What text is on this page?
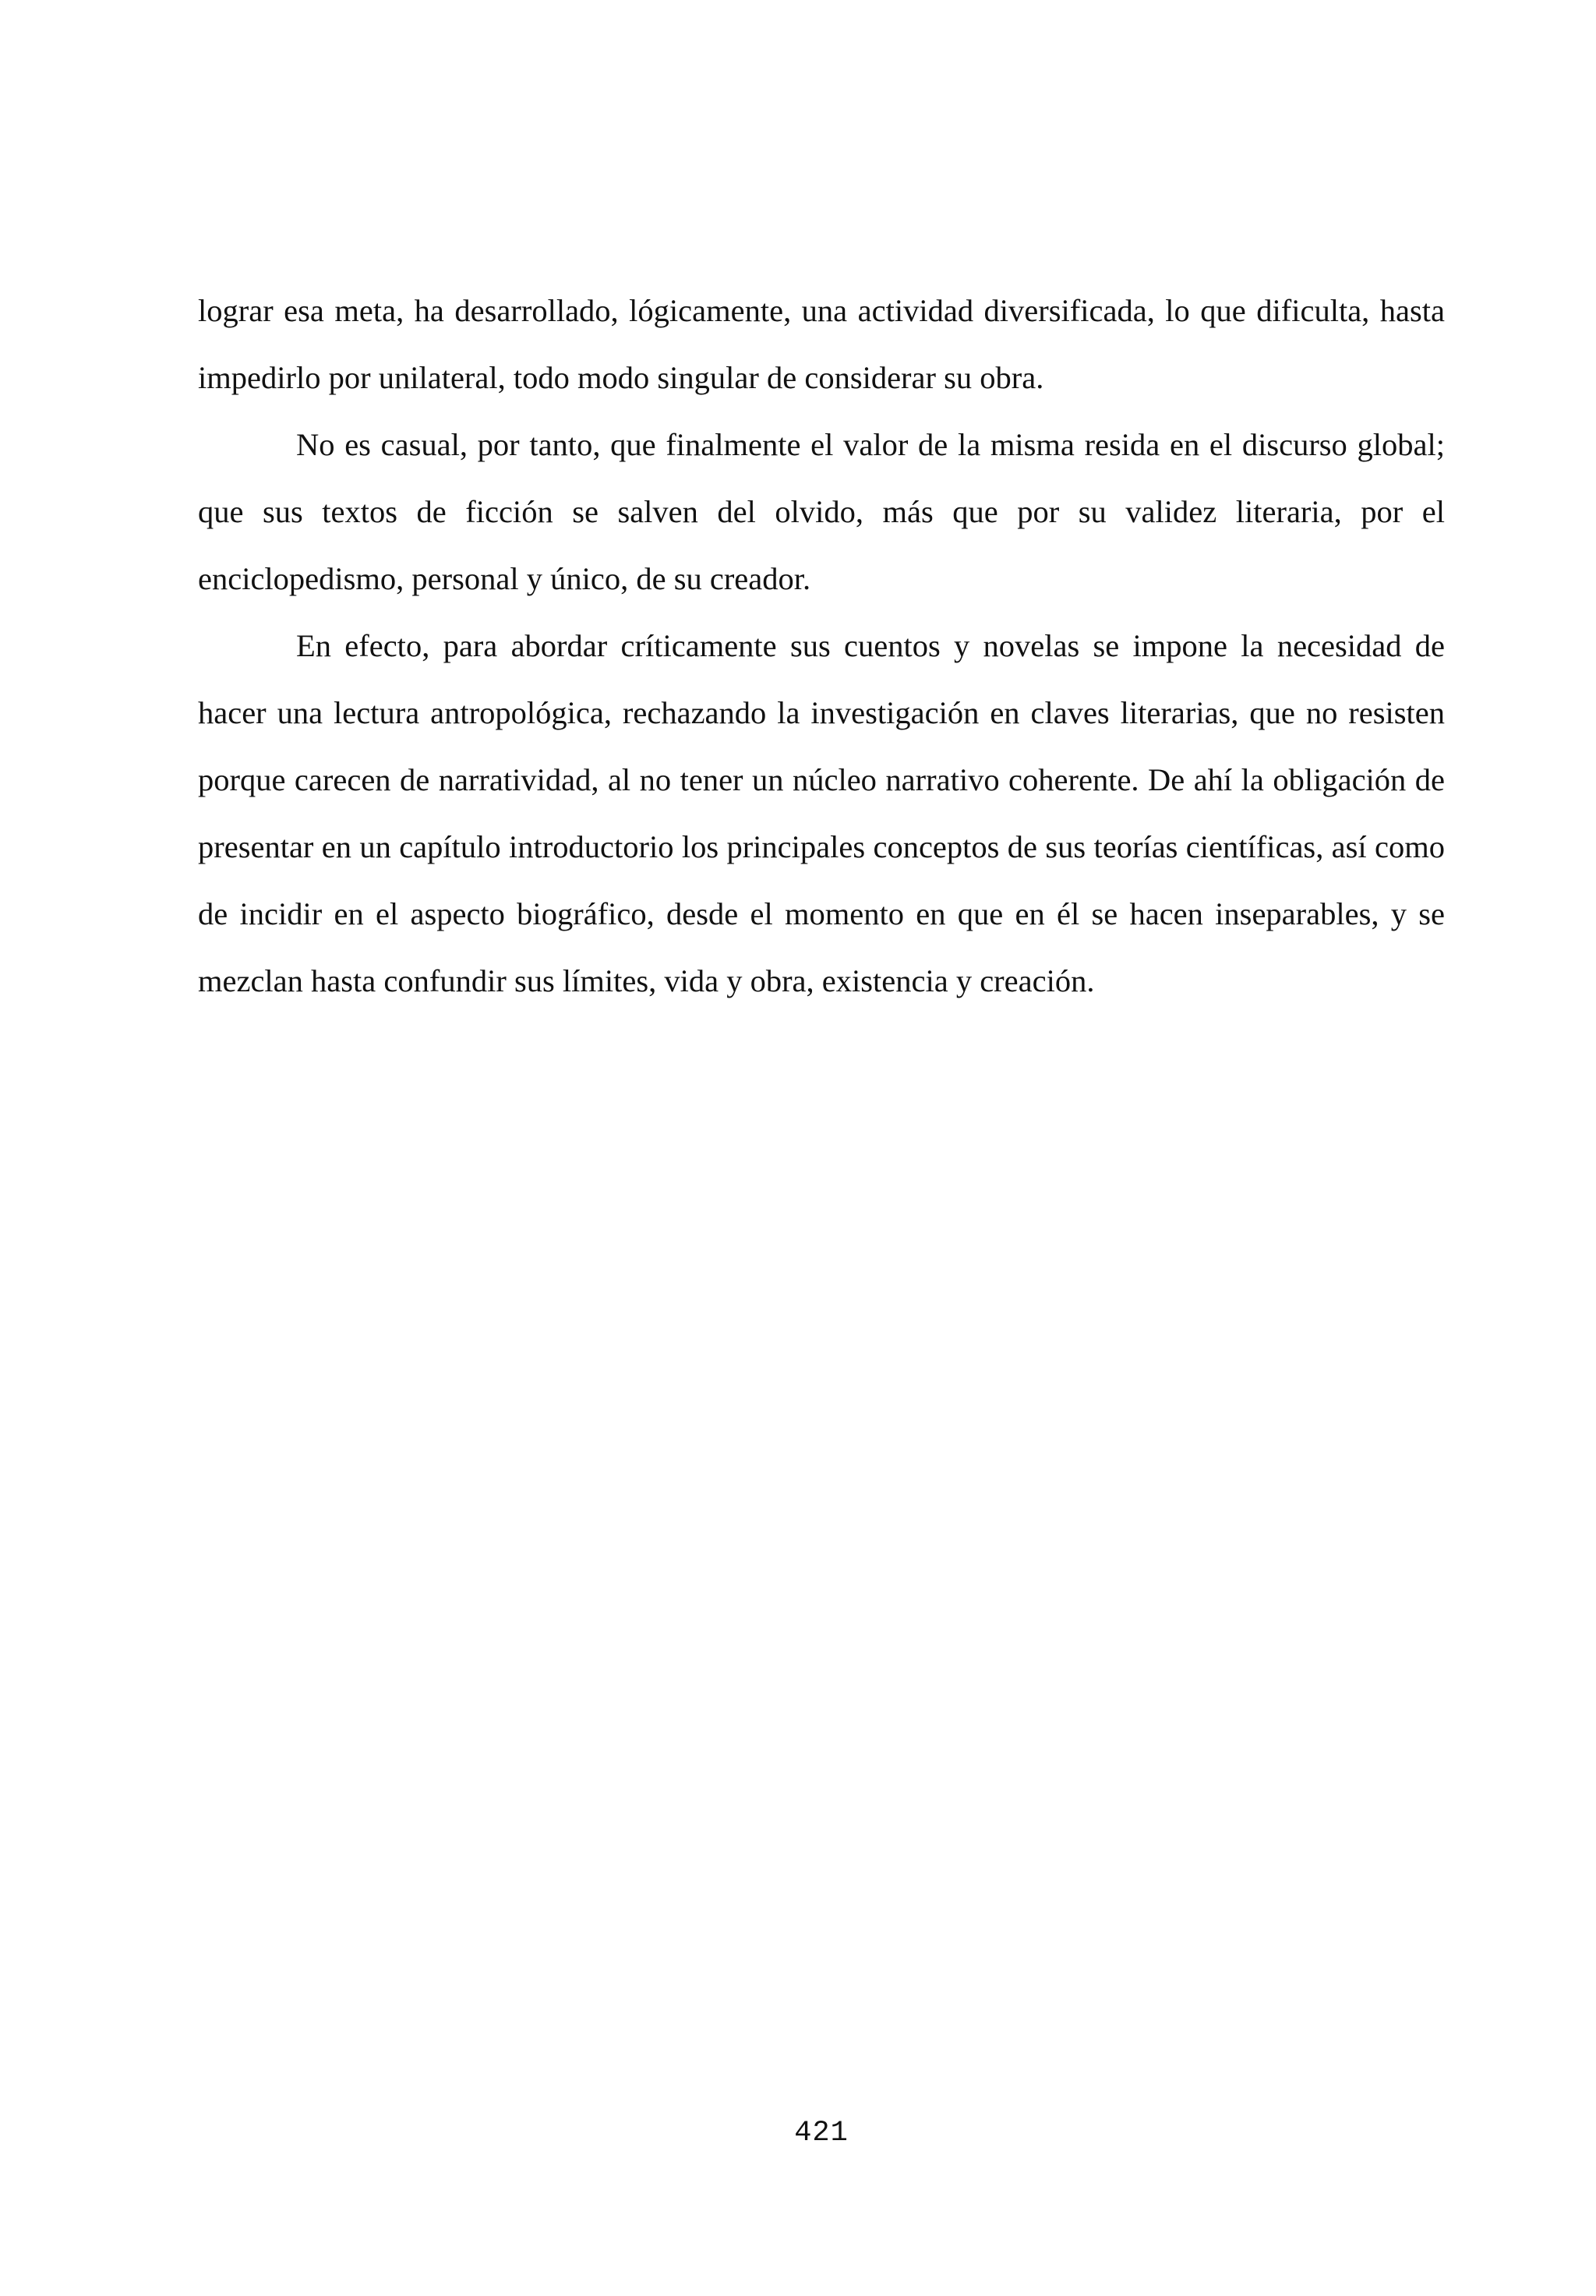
lograr esa meta, ha desarrollado, lógicamente, una actividad diversificada, lo que dificulta, hasta impedirlo por unilateral, todo modo singular de considerar su obra.

No es casual, por tanto, que finalmente el valor de la misma resida en el discurso global; que sus textos de ficción se salven del olvido, más que por su validez literaria, por el enciclopedismo, personal y único, de su creador.

En efecto, para abordar críticamente sus cuentos y novelas se impone la necesidad de hacer una lectura antropológica, rechazando la investigación en claves literarias, que no resisten porque carecen de narratividad, al no tener un núcleo narrativo coherente. De ahí la obligación de presentar en un capítulo introductorio los principales conceptos de sus teorías científicas, así como de incidir en el aspecto biográfico, desde el momento en que en él se hacen inseparables, y se mezclan hasta confundir sus límites, vida y obra, existencia y creación.

421
